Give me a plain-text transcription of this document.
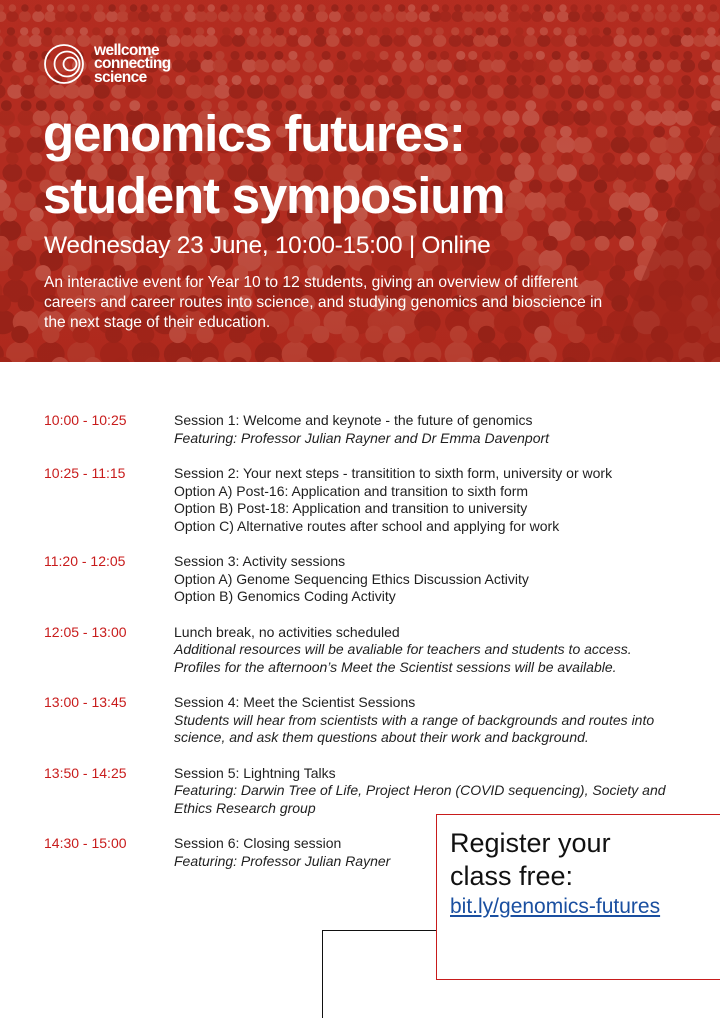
wellcome
connecting
science
genomics futures:
student symposium
Wednesday 23 June, 10:00-15:00 | Online

An interactive event for Year 10 to 12 students, giving an overview of different
careers and career routes into science, and studying genomics and bioscience in
the next stage of their education.

10:00 - 10:25	Session 1: Welcome and keynote - the future of genomics
Featuring: Professor Julian Rayner and Dr Emma Davenport
10:25 - 11:15	Session 2: Your next steps - transitition to sixth form, university or work
Option A) Post-16: Application and transition to sixth form
Option B) Post-18: Application and transition to university
Option C) Alternative routes after school and applying for work
11:20 - 12:05	Session 3: Activity sessions
Option A) Genome Sequencing Ethics Discussion Activity
Option B) Genomics Coding Activity
12:05 - 13:00	Lunch break, no activities scheduled
Additional resources will be avaliable for teachers and students to access.
Profiles for the afternoon’s Meet the Scientist sessions will be available.
13:00 - 13:45	Session 4: Meet the Scientist Sessions
Students will hear from scientists with a range of backgrounds and routes into
science, and ask them questions about their work and background.
13:50 - 14:25	Session 5: Lightning Talks
Featuring: Darwin Tree of Life, Project Heron (COVID sequencing), Society and
Ethics Research group
14:30 - 15:00	Session 6: Closing session
Featuring: Professor Julian Rayner
Register your
class free:
bit.ly/genomics-futures
